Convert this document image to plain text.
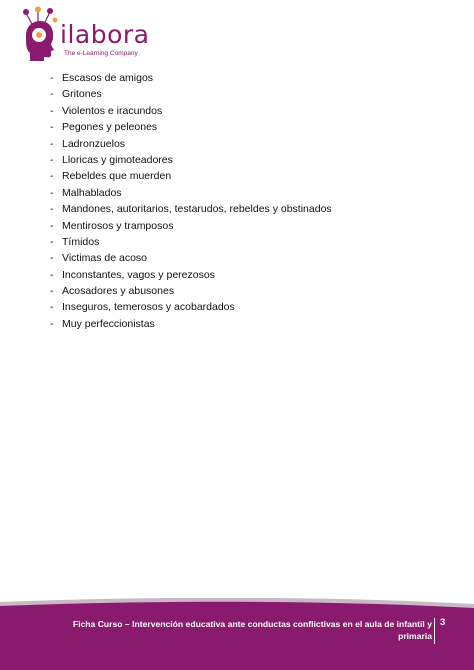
ilabora
The e-Learning Company
- Escasos de amigos
- Gritones
- Violentos e iracundos
- Pegones y peleones
- Ladronzuelos
- Lloricas y gimoteadores
- Rebeldes que muerden
- Malhablados
- Mandones, autoritarios, testarudos, rebeldes y obstinados
- Mentirosos y tramposos
- Tímidos
- Victimas de acoso
- Inconstantes, vagos y perezosos
- Acosadores y abusones
- Inseguros, temerosos y acobardados
- Muy perfeccionistas
Ficha Curso – Intervención educativa ante conductas conflictivas en el aula de infantil y
primaria
3
